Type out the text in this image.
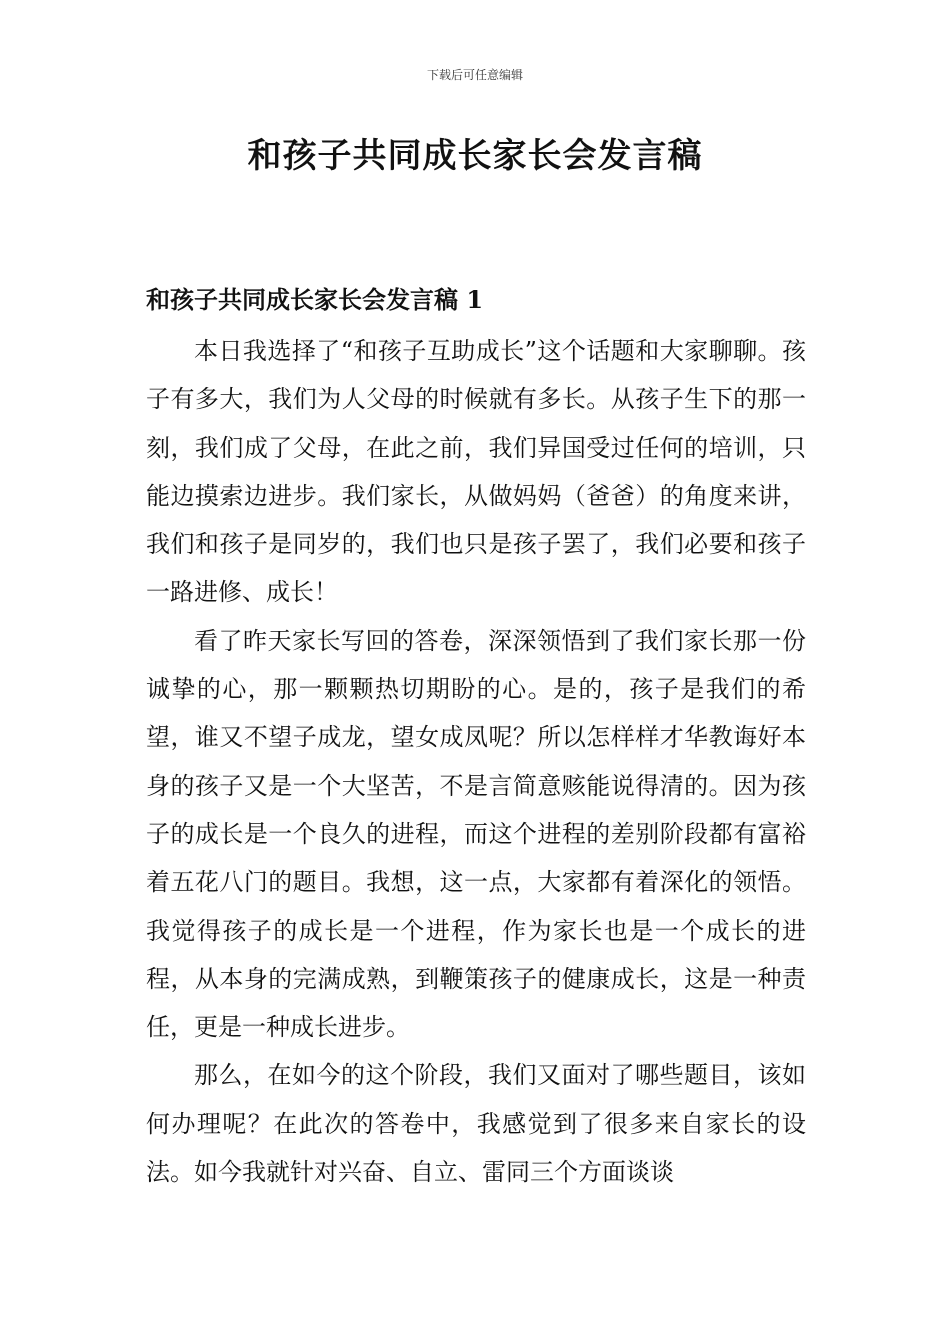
下载后可任意编辑
和孩子共同成长家长会发言稿
和孩子共同成长家长会发言稿 1

本日我选择了“和孩子互助成长”这个话题和大家聊聊。孩子有多大，我们为人父母的时候就有多长。从孩子生下的那一刻，我们成了父母，在此之前，我们异国受过任何的培训，只能边摸索边进步。我们家长，从做妈妈（爸爸）的角度来讲，我们和孩子是同岁的，我们也只是孩子罢了，我们必要和孩子一路进修、成长！

看了昨天家长写回的答卷，深深领悟到了我们家长那一份诚挚的心，那一颗颗热切期盼的心。是的，孩子是我们的希望，谁又不望子成龙，望女成凤呢？所以怎样样才华教诲好本身的孩子又是一个大坚苦，不是言简意赅能说得清的。因为孩子的成长是一个良久的进程，而这个进程的差别阶段都有富裕着五花八门的题目。我想，这一点，大家都有着深化的领悟。我觉得孩子的成长是一个进程，作为家长也是一个成长的进程，从本身的完满成熟，到鞭策孩子的健康成长，这是一种责任，更是一种成长进步。

那么，在如今的这个阶段，我们又面对了哪些题目，该如何办理呢？在此次的答卷中，我感觉到了很多来自家长的设法。如今我就针对兴奋、自立、雷同三个方面谈谈
